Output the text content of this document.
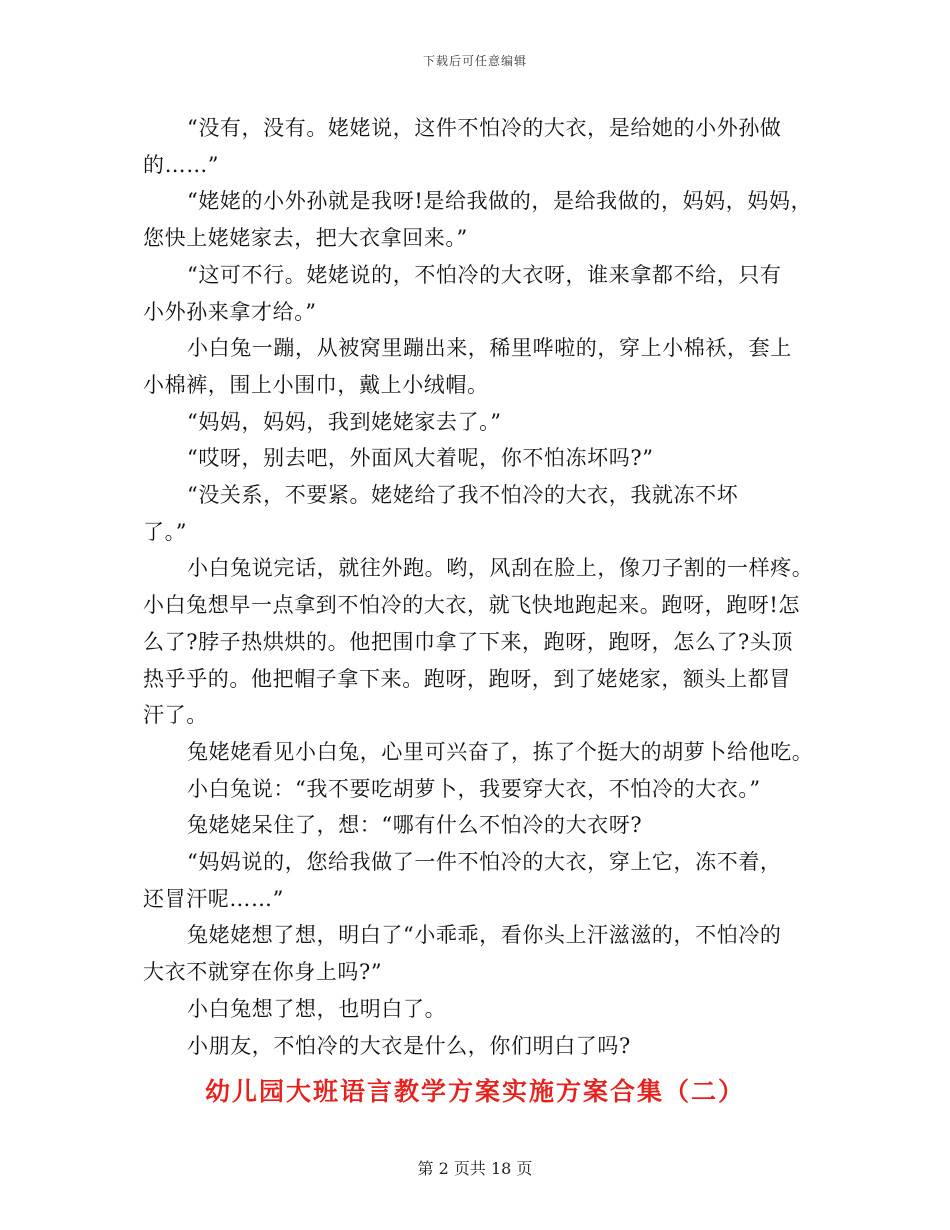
下载后可任意编辑
“没有，没有。姥姥说，这件不怕冷的大衣，是给她的小外孙做
的……”
“姥姥的小外孙就是我呀!是给我做的，是给我做的，妈妈，妈妈，
您快上姥姥家去，把大衣拿回来。”
“这可不行。姥姥说的，不怕冷的大衣呀，谁来拿都不给，只有
小外孙来拿才给。”
小白兔一蹦，从被窝里蹦出来，稀里哗啦的，穿上小棉袄，套上
小棉裤，围上小围巾，戴上小绒帽。
“妈妈，妈妈，我到姥姥家去了。”
“哎呀，别去吧，外面风大着呢，你不怕冻坏吗?”
“没关系，不要紧。姥姥给了我不怕冷的大衣，我就冻不坏
了。”
小白兔说完话，就往外跑。哟，风刮在脸上，像刀子割的一样疼。
小白兔想早一点拿到不怕冷的大衣，就飞快地跑起来。跑呀，跑呀!怎
么了?脖子热烘烘的。他把围巾拿了下来，跑呀，跑呀，怎么了?头顶
热乎乎的。他把帽子拿下来。跑呀，跑呀，到了姥姥家，额头上都冒
汗了。
兔姥姥看见小白兔，心里可兴奋了，拣了个挺大的胡萝卜给他吃。
小白兔说：“我不要吃胡萝卜，我要穿大衣，不怕冷的大衣。”
兔姥姥呆住了，想：“哪有什么不怕冷的大衣呀?
“妈妈说的，您给我做了一件不怕冷的大衣，穿上它，冻不着，
还冒汗呢……”
兔姥姥想了想，明白了“小乖乖，看你头上汗滋滋的，不怕冷的
大衣不就穿在你身上吗?”
小白兔想了想，也明白了。
小朋友，不怕冷的大衣是什么，你们明白了吗?
幼儿园大班语言教学方案实施方案合集（二）
第 2 页共 18 页
